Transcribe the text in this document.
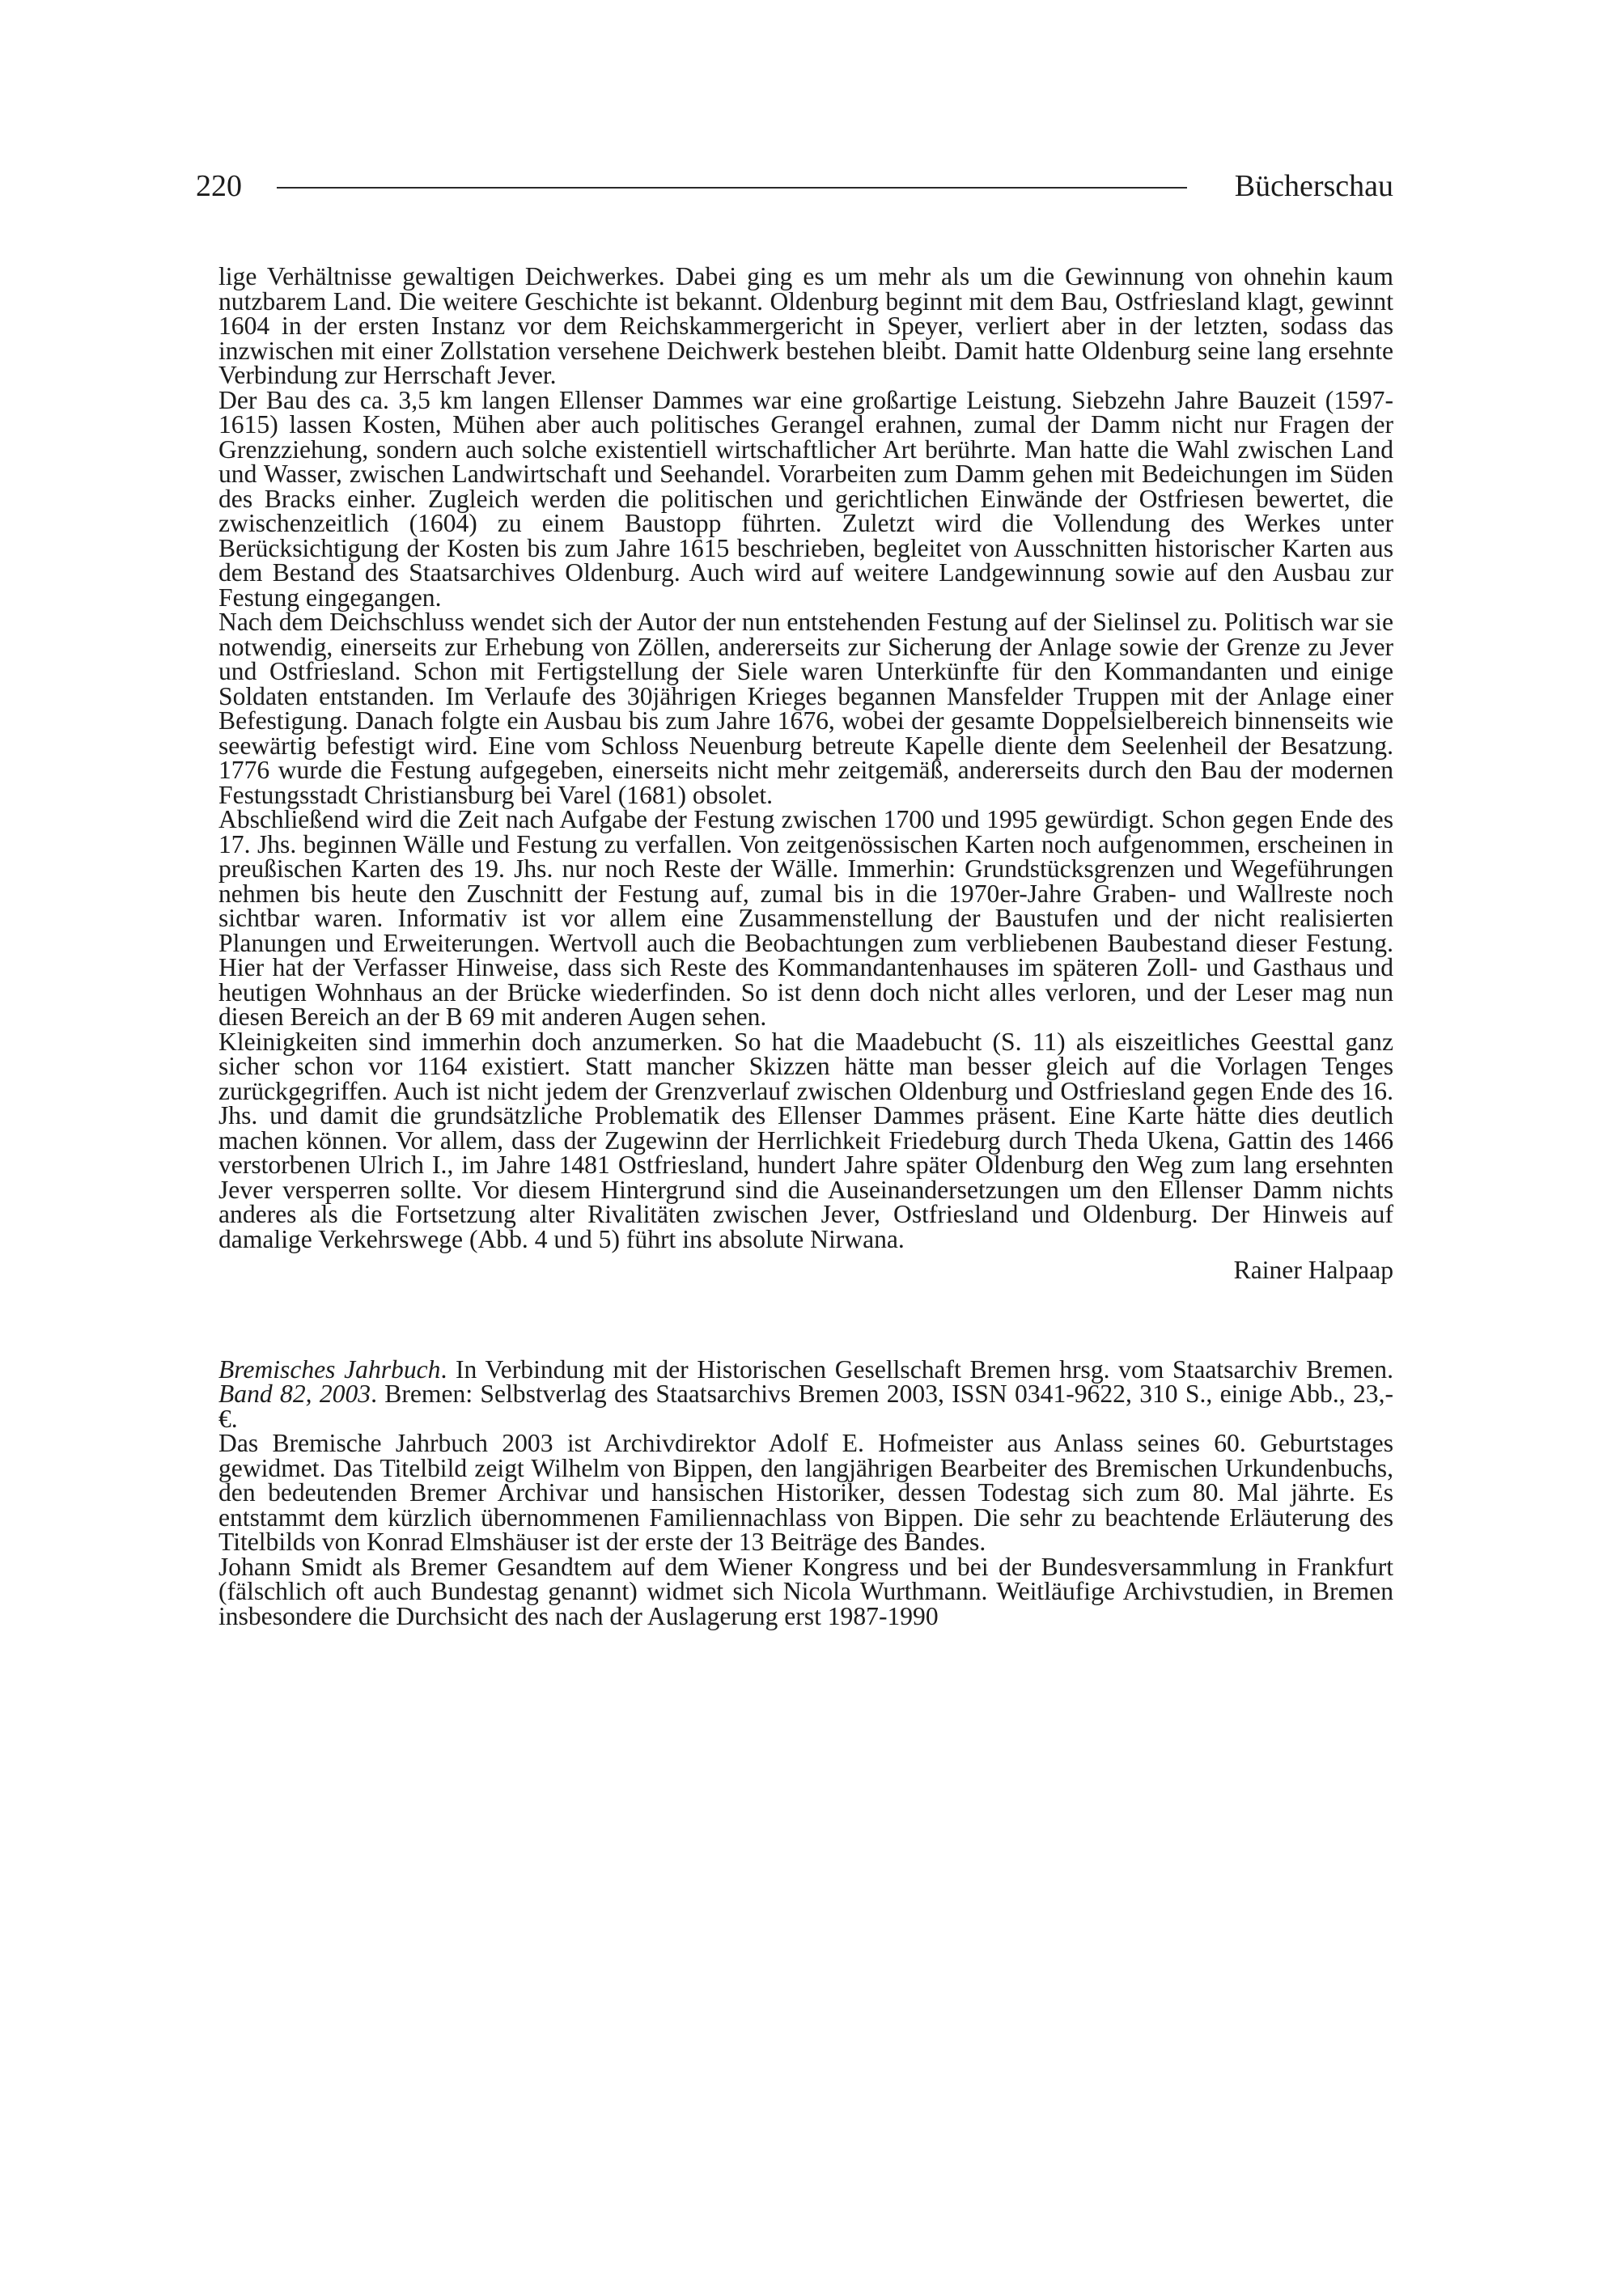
220	Bücherschau

lige Verhältnisse gewaltigen Deichwerkes. Dabei ging es um mehr als um die Gewinnung von ohnehin kaum nutzbarem Land. Die weitere Geschichte ist bekannt. Oldenburg beginnt mit dem Bau, Ostfriesland klagt, gewinnt 1604 in der ersten Instanz vor dem Reichskammergericht in Speyer, verliert aber in der letzten, sodass das inzwischen mit einer Zollstation versehene Deichwerk bestehen bleibt. Damit hatte Oldenburg seine lang ersehnte Verbindung zur Herrschaft Jever.

Der Bau des ca. 3,5 km langen Ellenser Dammes war eine großartige Leistung. Siebzehn Jahre Bauzeit (1597-1615) lassen Kosten, Mühen aber auch politisches Gerangel erahnen, zumal der Damm nicht nur Fragen der Grenzziehung, sondern auch solche existentiell wirtschaftlicher Art berührte. Man hatte die Wahl zwischen Land und Wasser, zwischen Landwirtschaft und Seehandel. Vorarbeiten zum Damm gehen mit Bedeichungen im Süden des Bracks einher. Zugleich werden die politischen und gerichtlichen Einwände der Ostfriesen bewertet, die zwischenzeitlich (1604) zu einem Baustopp führten. Zuletzt wird die Vollendung des Werkes unter Berücksichtigung der Kosten bis zum Jahre 1615 beschrieben, begleitet von Ausschnitten historischer Karten aus dem Bestand des Staatsarchives Oldenburg. Auch wird auf weitere Landgewinnung sowie auf den Ausbau zur Festung eingegangen.

Nach dem Deichschluss wendet sich der Autor der nun entstehenden Festung auf der Sielinsel zu. Politisch war sie notwendig, einerseits zur Erhebung von Zöllen, andererseits zur Sicherung der Anlage sowie der Grenze zu Jever und Ostfriesland. Schon mit Fertigstellung der Siele waren Unterkünfte für den Kommandanten und einige Soldaten entstanden. Im Verlaufe des 30jährigen Krieges begannen Mansfelder Truppen mit der Anlage einer Befestigung. Danach folgte ein Ausbau bis zum Jahre 1676, wobei der gesamte Doppelsielbereich binnenseits wie seewärtig befestigt wird. Eine vom Schloss Neuenburg betreute Kapelle diente dem Seelenheil der Besatzung. 1776 wurde die Festung aufgegeben, einerseits nicht mehr zeitgemäß, andererseits durch den Bau der modernen Festungsstadt Christiansburg bei Varel (1681) obsolet.

Abschließend wird die Zeit nach Aufgabe der Festung zwischen 1700 und 1995 gewürdigt. Schon gegen Ende des 17. Jhs. beginnen Wälle und Festung zu verfallen. Von zeitgenössischen Karten noch aufgenommen, erscheinen in preußischen Karten des 19. Jhs. nur noch Reste der Wälle. Immerhin: Grundstücksgrenzen und Wegeführungen nehmen bis heute den Zuschnitt der Festung auf, zumal bis in die 1970er-Jahre Graben- und Wallreste noch sichtbar waren. Informativ ist vor allem eine Zusammenstellung der Baustufen und der nicht realisierten Planungen und Erweiterungen. Wertvoll auch die Beobachtungen zum verbliebenen Baubestand dieser Festung. Hier hat der Verfasser Hinweise, dass sich Reste des Kommandantenhauses im späteren Zoll- und Gasthaus und heutigen Wohnhaus an der Brücke wiederfinden. So ist denn doch nicht alles verloren, und der Leser mag nun diesen Bereich an der B 69 mit anderen Augen sehen.

Kleinigkeiten sind immerhin doch anzumerken. So hat die Maadebucht (S. 11) als eiszeitliches Geesttal ganz sicher schon vor 1164 existiert. Statt mancher Skizzen hätte man besser gleich auf die Vorlagen Tenges zurückgegriffen. Auch ist nicht jedem der Grenzverlauf zwischen Oldenburg und Ostfriesland gegen Ende des 16. Jhs. und damit die grundsätzliche Problematik des Ellenser Dammes präsent. Eine Karte hätte dies deutlich machen können. Vor allem, dass der Zugewinn der Herrlichkeit Friedeburg durch Theda Ukena, Gattin des 1466 verstorbenen Ulrich I., im Jahre 1481 Ostfriesland, hundert Jahre später Oldenburg den Weg zum lang ersehnten Jever versperren sollte. Vor diesem Hintergrund sind die Auseinandersetzungen um den Ellenser Damm nichts anderes als die Fortsetzung alter Rivalitäten zwischen Jever, Ostfriesland und Oldenburg. Der Hinweis auf damalige Verkehrswege (Abb. 4 und 5) führt ins absolute Nirwana.

Rainer Halpaap

Bremisches Jahrbuch. In Verbindung mit der Historischen Gesellschaft Bremen hrsg. vom Staatsarchiv Bremen. Band 82, 2003. Bremen: Selbstverlag des Staatsarchivs Bremen 2003, ISSN 0341-9622, 310 S., einige Abb., 23,- €.

Das Bremische Jahrbuch 2003 ist Archivdirektor Adolf E. Hofmeister aus Anlass seines 60. Geburtstages gewidmet. Das Titelbild zeigt Wilhelm von Bippen, den langjährigen Bearbeiter des Bremischen Urkundenbuchs, den bedeutenden Bremer Archivar und hansischen Historiker, dessen Todestag sich zum 80. Mal jährte. Es entstammt dem kürzlich übernommenen Familiennachlass von Bippen. Die sehr zu beachtende Erläuterung des Titelbilds von Konrad Elmshäuser ist der erste der 13 Beiträge des Bandes.

Johann Smidt als Bremer Gesandtem auf dem Wiener Kongress und bei der Bundesversammlung in Frankfurt (fälschlich oft auch Bundestag genannt) widmet sich Nicola Wurthmann. Weitläufige Archivstudien, in Bremen insbesondere die Durchsicht des nach der Auslagerung erst 1987-1990
